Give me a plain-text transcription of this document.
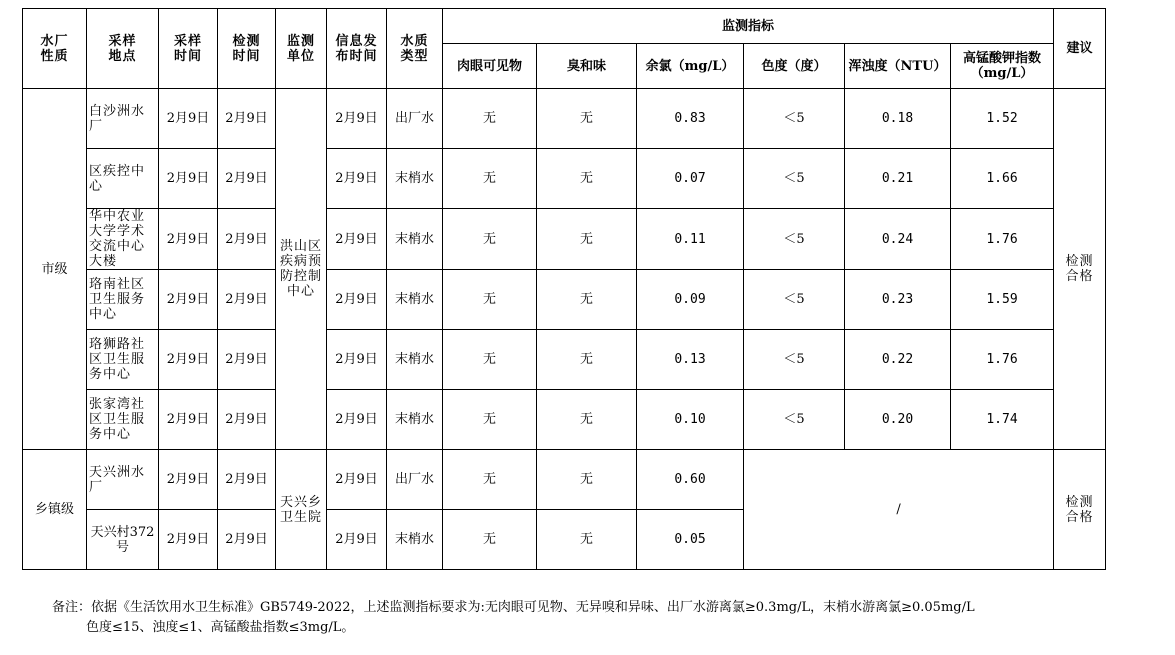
水厂性质	采样地点	采样时间	检测时间	监测单位	信息发布时间	水质类型	监测指标						建议
							肉眼可见物	臭和味	余氯（mg/L）	色度（度）	浑浊度（NTU）	高锰酸钾指数（mg/L）	
市级	白沙洲水厂	2月9日	2月9日	洪山区疾病预防控制中心	2月9日	出厂水	无	无	0.83	＜5	0.18	1.52	检测合格
	区疾控中心	2月9日	2月9日		2月9日	末梢水	无	无	0.07	＜5	0.21	1.66	
	华中农业大学学术交流中心大楼	2月9日	2月9日		2月9日	末梢水	无	无	0.11	＜5	0.24	1.76	
	珞南社区卫生服务中心	2月9日	2月9日		2月9日	末梢水	无	无	0.09	＜5	0.23	1.59	
	珞狮路社区卫生服务中心	2月9日	2月9日		2月9日	末梢水	无	无	0.13	＜5	0.22	1.76	
	张家湾社区卫生服务中心	2月9日	2月9日		2月9日	末梢水	无	无	0.10	＜5	0.20	1.74	
乡镇级	天兴洲水厂	2月9日	2月9日	天兴乡卫生院	2月9日	出厂水	无	无	0.60	/			检测合格
	天兴村372号	2月9日	2月9日		2月9日	末梢水	无	无	0.05				
备注：依据《生活饮用水卫生标准》GB5749-2022，上述监测指标要求为:无肉眼可见物、无异嗅和异味、出厂水游离氯≥0.3mg/L，末梢水游离氯≥0.05mg/L
色度≤15、浊度≤1、高锰酸盐指数≤3mg/L。
